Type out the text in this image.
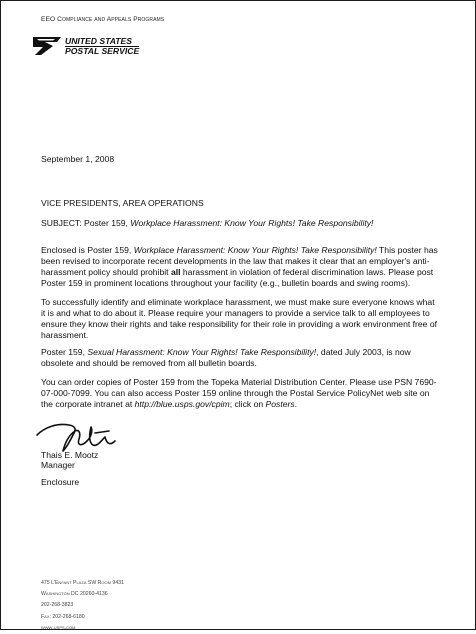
EEO Compliance and Appeals Programs
UNITED STATES
POSTAL SERVICE
September 1, 2008
VICE PRESIDENTS, AREA OPERATIONS
SUBJECT: Poster 159, Workplace Harassment: Know Your Rights! Take Responsibility!
Enclosed is Poster 159, Workplace Harassment: Know Your Rights! Take Responsibility! This poster has been revised to incorporate recent developments in the law that makes it clear that an employer's anti-harassment policy should prohibit all harassment in violation of federal discrimination laws. Please post Poster 159 in prominent locations throughout your facility (e.g., bulletin boards and swing rooms).
To successfully identify and eliminate workplace harassment, we must make sure everyone knows what it is and what to do about it. Please require your managers to provide a service talk to all employees to ensure they know their rights and take responsibility for their role in providing a work environment free of harassment.
Poster 159, Sexual Harassment: Know Your Rights! Take Responsibility!, dated July 2003, is now obsolete and should be removed from all bulletin boards.
You can order copies of Poster 159 from the Topeka Material Distribution Center. Please use PSN 7690-07-000-7099. You can also access Poster 159 online through the Postal Service PolicyNet web site on the corporate intranet at http://blue.usps.gov/cpim; click on Posters.
Thais E. Mootz
Manager
Enclosure
475 L'Enfant Plaza SW Room 9431
Washington DC 20260-4136
202-268-3823
Fax: 202-268-6180
www.usps.com
